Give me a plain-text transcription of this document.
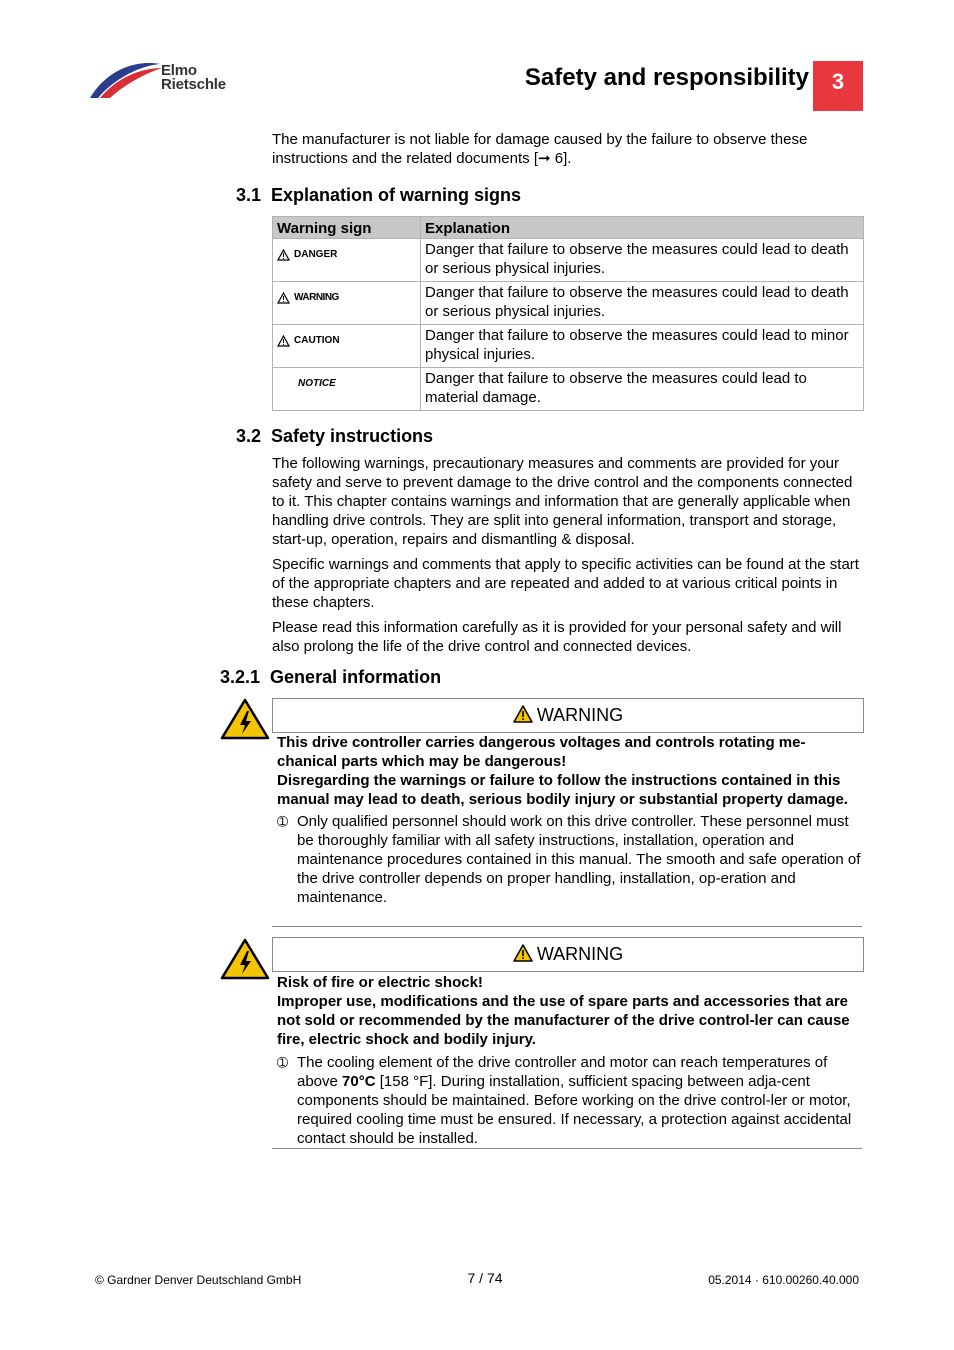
Elmo
Rietschle	Safety and responsibility	3

The manufacturer is not liable for damage caused by the failure to observe these instructions and the related documents [➞ 6].

3.1 Explanation of warning signs
Warning sign	Explanation

DANGER	Danger that failure to observe the measures could lead to death or serious physical injuries.

WARNING	Danger that failure to observe the measures could lead to death or serious physical injuries.

CAUTION	Danger that failure to observe the measures could lead to minor physical injuries.
NOTICE	Danger that failure to observe the measures could lead to material damage.
3.2 Safety instructions

The following warnings, precautionary measures and comments are provided for your safety and serve to prevent damage to the drive control and the components connected to it. This chapter contains warnings and information that are generally applicable when handling drive controls. They are split into general information, transport and storage, start-up, operation, repairs and dismantling & disposal.

Specific warnings and comments that apply to specific activities can be found at the start of the appropriate chapters and are repeated and added to at various critical points in these chapters.

Please read this information carefully as it is provided for your personal safety and will also prolong the life of the drive control and connected devices.

3.2.1 General information
WARNING
This drive controller carries dangerous voltages and controls rotating me-chanical parts which may be dangerous!
Disregarding the warnings or failure to follow the instructions contained in this manual may lead to death, serious bodily injury or substantial property damage.
➀ Only qualified personnel should work on this drive controller. These personnel must be thoroughly familiar with all safety instructions, installation, operation and maintenance procedures contained in this manual. The smooth and safe operation of the drive controller depends on proper handling, installation, op-eration and maintenance.
WARNING
Risk of fire or electric shock!
Improper use, modifications and the use of spare parts and accessories that are not sold or recommended by the manufacturer of the drive control-ler can cause fire, electric shock and bodily injury.
➀ The cooling element of the drive controller and motor can reach temperatures of above 70°C [158 °F]. During installation, sufficient spacing between adja-cent components should be maintained. Before working on the drive control-ler or motor, required cooling time must be ensured. If necessary, a protection against accidental contact should be installed.
© Gardner Denver Deutschland GmbH	7 / 74	05.2014 · 610.00260.40.000
